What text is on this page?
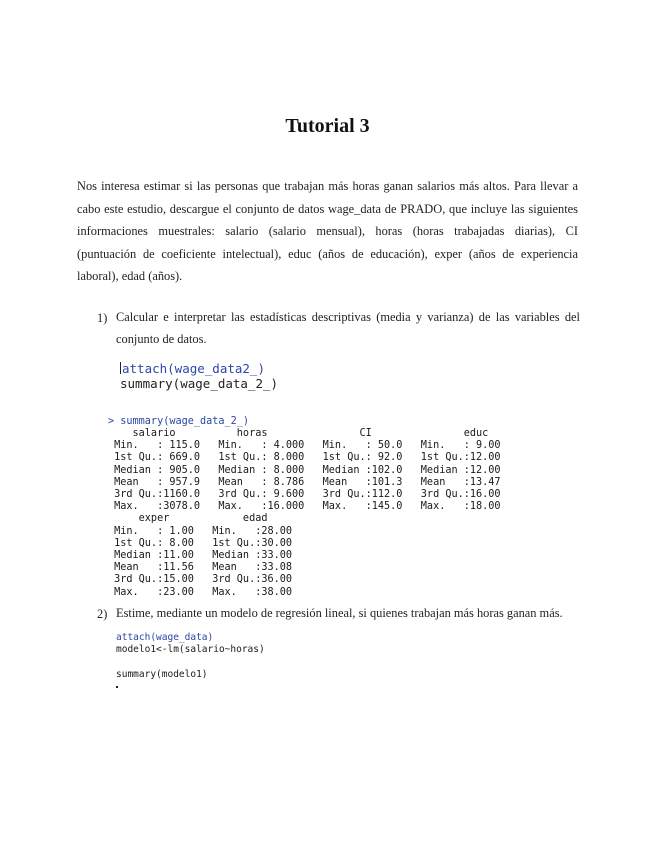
Tutorial 3
Nos interesa estimar si las personas que trabajan más horas ganan salarios más altos. Para llevar a
cabo este estudio, descargue el conjunto de datos wage_data de PRADO, que incluye las siguientes
informaciones muestrales: salario (salario mensual), horas (horas trabajadas diarias), CI
(puntuación de coeficiente intelectual), educ (años de educación), exper (años de experiencia
laboral), edad (años).
1) Calcular e interpretar las estadísticas descriptivas (media y varianza) de las variables del
conjunto de datos.
attach(wage_data2_)
summary(wage_data_2_)
> summary(wage_data_2_)
salario          horas               CI               educ
Min.   : 115.0   Min.   : 4.000   Min.   : 50.0   Min.   : 9.00
1st Qu.: 669.0   1st Qu.: 8.000   1st Qu.: 92.0   1st Qu.:12.00
Median : 905.0   Median : 8.000   Median :102.0   Median :12.00
Mean   : 957.9   Mean   : 8.786   Mean   :101.3   Mean   :13.47
3rd Qu.:1160.0   3rd Qu.: 9.600   3rd Qu.:112.0   3rd Qu.:16.00
Max.   :3078.0   Max.   :16.000   Max.   :145.0   Max.   :18.00
exper            edad
Min.   : 1.00   Min.   :28.00
1st Qu.: 8.00   1st Qu.:30.00
Median :11.00   Median :33.00
Mean   :11.56   Mean   :33.08
3rd Qu.:15.00   3rd Qu.:36.00
Max.   :23.00   Max.   :38.00
2) Estime, mediante un modelo de regresión lineal, si quienes trabajan más horas ganan más.
attach(wage_data)
modelo1<-lm(salario~horas)
summary(modelo1)
